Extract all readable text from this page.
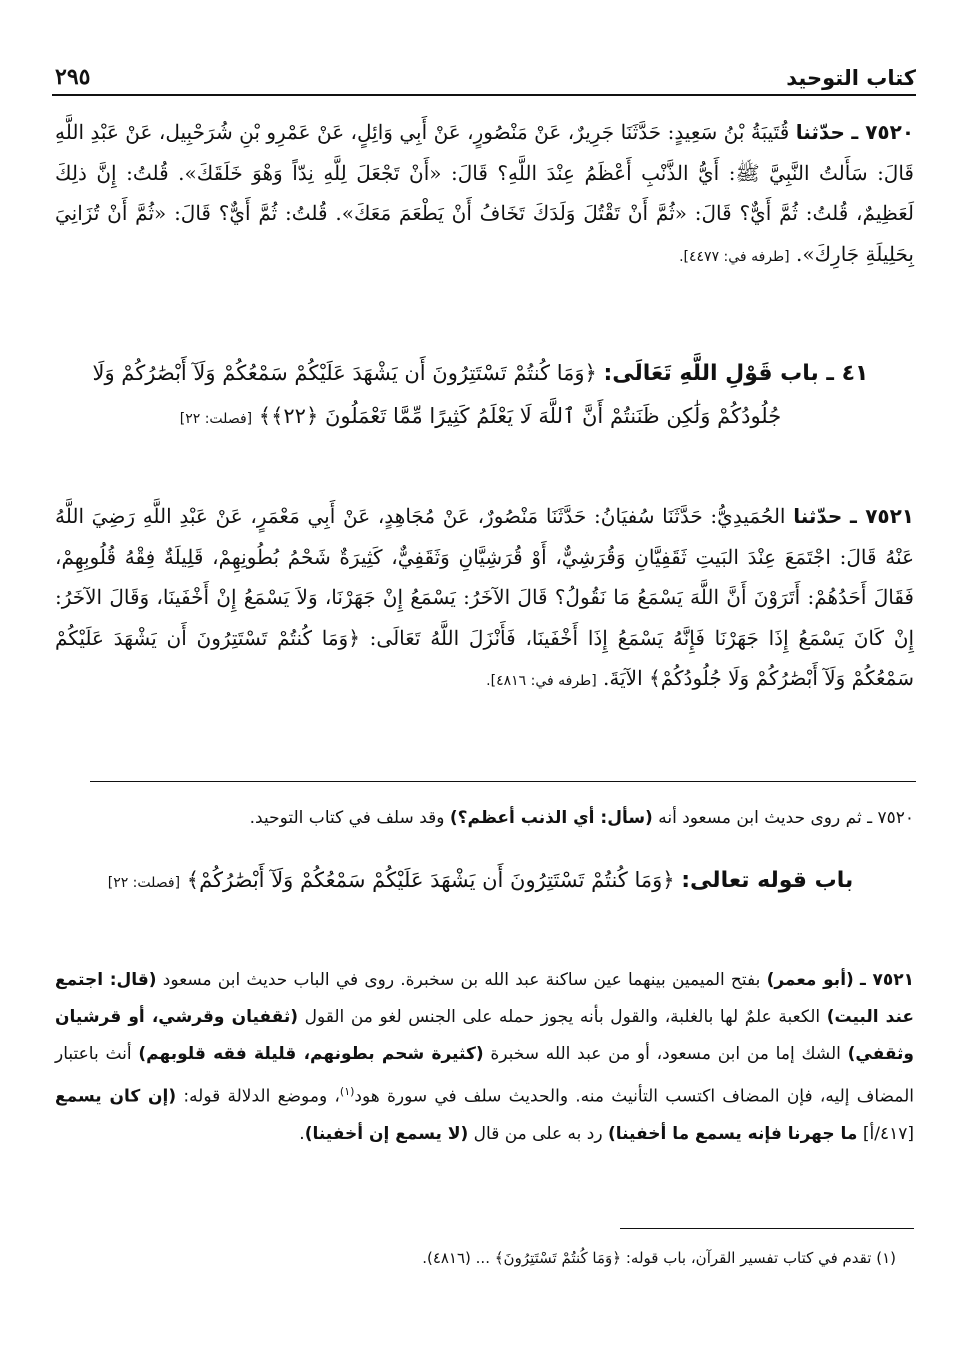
٢٩٥	كتاب التوحيد
٧٥٢٠ ـ حدّثنا قُتَيبَةُ بْنُ سَعِيدٍ: حَدَّثَنَا جَرِيرٌ، عَنْ مَنْصُورٍ، عَنْ أَبِي وَائِلٍ، عَنْ عَمْرِو بْنِ شُرَحْبِيل، عَنْ عَبْدِ اللَّهِ قَالَ: سَأَلتُ النَّبِيَّ ﷺ: أَيُّ الذَّنْبِ أَعْظَمُ عِنْدَ اللَّهِ؟ قَالَ: «أَنْ تَجْعَلَ لِلَّهِ نِدّاً وَهْوَ خَلَقَكَ». قُلتُ: إِنَّ ذلِكَ لَعَظِيمٌ، قُلتُ: ثُمَّ أَيٌّ؟ قَالَ: «ثُمَّ أَنْ تَقْتُلَ وَلَدَكَ تَخَافُ أَنْ يَطْعَمَ مَعَكَ». قُلتُ: ثُمَّ أَيٌّ؟ قَالَ: «ثُمَّ أَنْ تُزَانِيَ بِحَلِيلَةِ جَارِكَ». [طرفه في: ٤٤٧٧].
٤١ ـ باب قَوْلِ اللَّهِ تَعَالَى: ﴿وَمَا كُنتُمْ تَسْتَتِرُونَ أَن يَشْهَدَ عَلَيْكُمْ سَمْعُكُمْ وَلَآ أَبْصَٰرُكُمْ وَلَا جُلُودُكُمْ وَلَٰكِن ظَنَنتُمْ أَنَّ ٱللَّهَ لَا يَعْلَمُ كَثِيرًا مِّمَّا تَعْمَلُونَ ﴿٢٢﴾﴾ [فصلت: ٢٢]
٧٥٢١ ـ حدّثنا الحُمَيدِيُّ: حَدَّثَنَا سُفيَانُ: حَدَّثَنَا مَنْصُورٌ، عَنْ مُجَاهِدٍ، عَنْ أَبِي مَعْمَرٍ، عَنْ عَبْدِ اللَّهِ رَضِيَ اللَّهُ عَنْهُ قَالَ: اجْتَمَعَ عِنْدَ البَيتِ ثَقَفِيَّانِ وَقُرَشِيٌّ، أَوْ قُرَشِيَّانِ وَثَقَفِيٌّ، كَثِيرَةٌ شَحْمُ بُطُونِهِمْ، قَلِيلَةٌ فِقْهُ قُلُوبِهِمْ، فَقَالَ أَحَدُهُمْ: أَتَرَوْنَ أَنَّ اللَّهَ يَسْمَعُ مَا نَقُولُ؟ قَالَ الآخَرُ: يَسْمَعُ إِنْ جَهَرْنَا، وَلاَ يَسْمَعُ إِنْ أَخْفَينَا، وَقَالَ الآخَرُ: إِنْ كَانَ يَسْمَعُ إِذَا جَهَرْنَا فَإِنَّهُ يَسْمَعُ إِذَا أَخْفَينَا، فَأَنْزَلَ اللَّهُ تَعَالَى: ﴿وَمَا كُنتُمْ تَسْتَتِرُونَ أَن يَشْهَدَ عَلَيْكُمْ سَمْعُكُمْ وَلَآ أَبْصَٰرُكُمْ وَلَا جُلُودُكُمْ﴾ الآيَةَ. [طرفه في: ٤٨١٦].
٧٥٢٠ ـ ثم روى حديث ابن مسعود أنه (سأل: أي الذنب أعظم؟) وقد سلف في كتاب التوحيد.
باب قوله تعالى: ﴿وَمَا كُنتُمْ تَسْتَتِرُونَ أَن يَشْهَدَ عَلَيْكُمْ سَمْعُكُمْ وَلَآ أَبْصَٰرُكُمْ﴾ [فصلت: ٢٢]
٧٥٢١ ـ (أبو معمر) بفتح الميمين بينهما عين ساكنة عبد الله بن سخبرة. روى في الباب حديث ابن مسعود (قال: اجتمع عند البيت) الكعبة علمٌ لها بالغلبة، والقول بأنه يجوز حمله على الجنس لغو من القول (ثقفيان وقرشي، أو قرشيان وثقفي) الشك إما من ابن مسعود، أو من عبد الله سخبرة (كثيرة شحم بطونهم، قليلة فقه قلوبهم) أنث باعتبار المضاف إليه، فإن المضاف اكتسب التأنيث منه. والحديث سلف في سورة هود$^{(١)}$، وموضع الدلالة قوله: (إن كان يسمع [٤١٧/أ] ما جهرنا فإنه يسمع ما أخفينا) رد به على من قال (لا يسمع إن أخفينا).
(١) تقدم في كتاب تفسير القرآن، باب قوله: ﴿وَمَا كُنتُمْ تَسْتَتِرُونَ﴾ ... (٤٨١٦).
